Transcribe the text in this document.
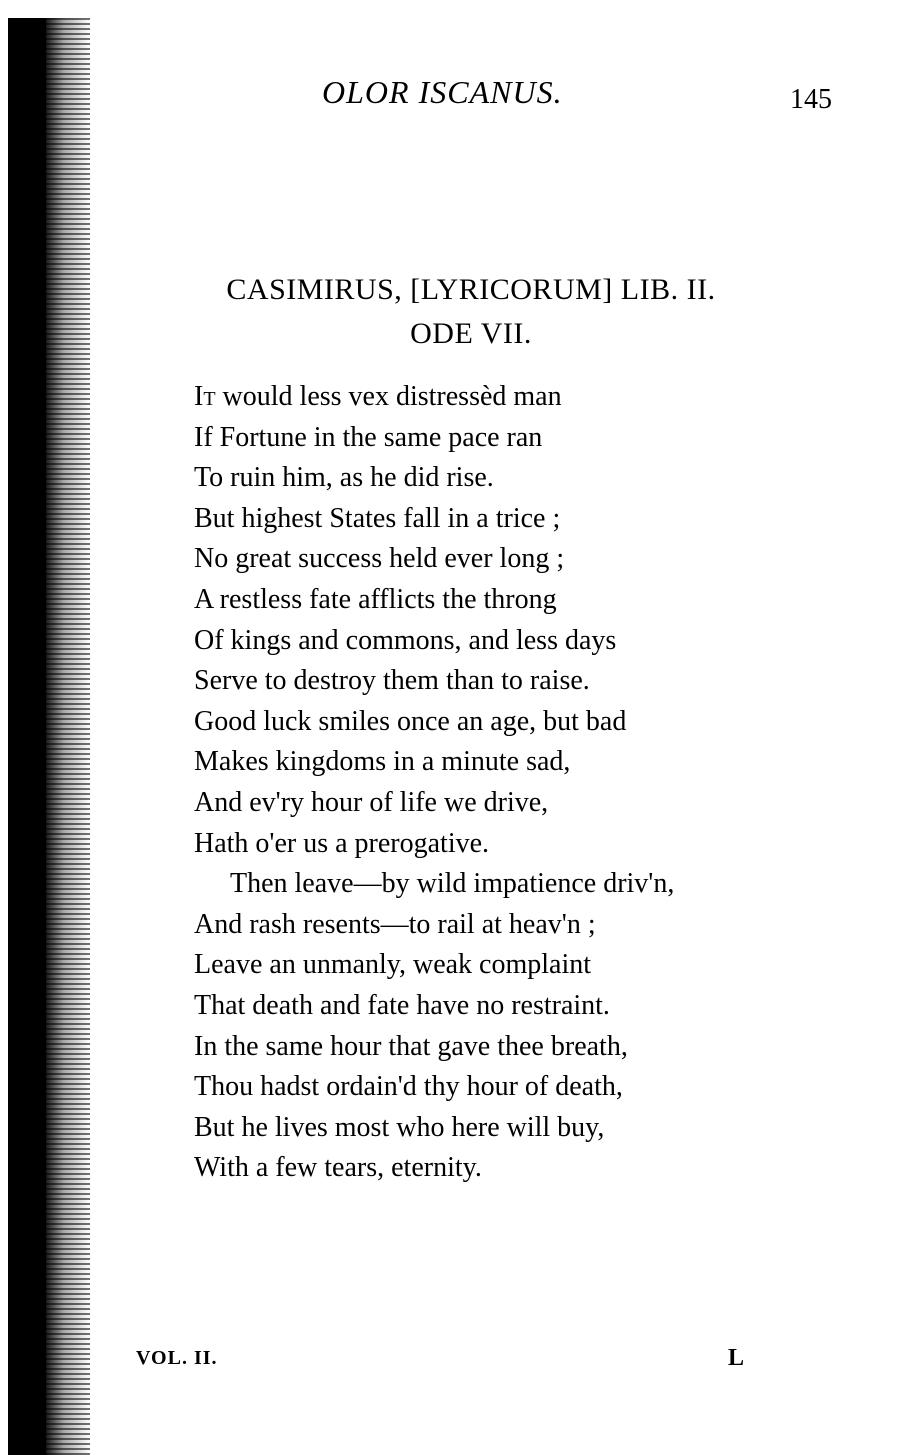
OLOR ISCANUS.	145
CASIMIRUS, [LYRICORUM] LIB. II.
ODE VII.
It would less vex distressèd man
If Fortune in the same pace ran
To ruin him, as he did rise.
But highest States fall in a trice ;
No great success held ever long ;
A restless fate afflicts the throng
Of kings and commons, and less days
Serve to destroy them than to raise.
Good luck smiles once an age, but bad
Makes kingdoms in a minute sad,
And ev'ry hour of life we drive,
Hath o'er us a prerogative.
Then leave—by wild impatience driv'n,
And rash resents—to rail at heav'n ;
Leave an unmanly, weak complaint
That death and fate have no restraint.
In the same hour that gave thee breath,
Thou hadst ordain'd thy hour of death,
But he lives most who here will buy,
With a few tears, eternity.
VOL. II.	L
